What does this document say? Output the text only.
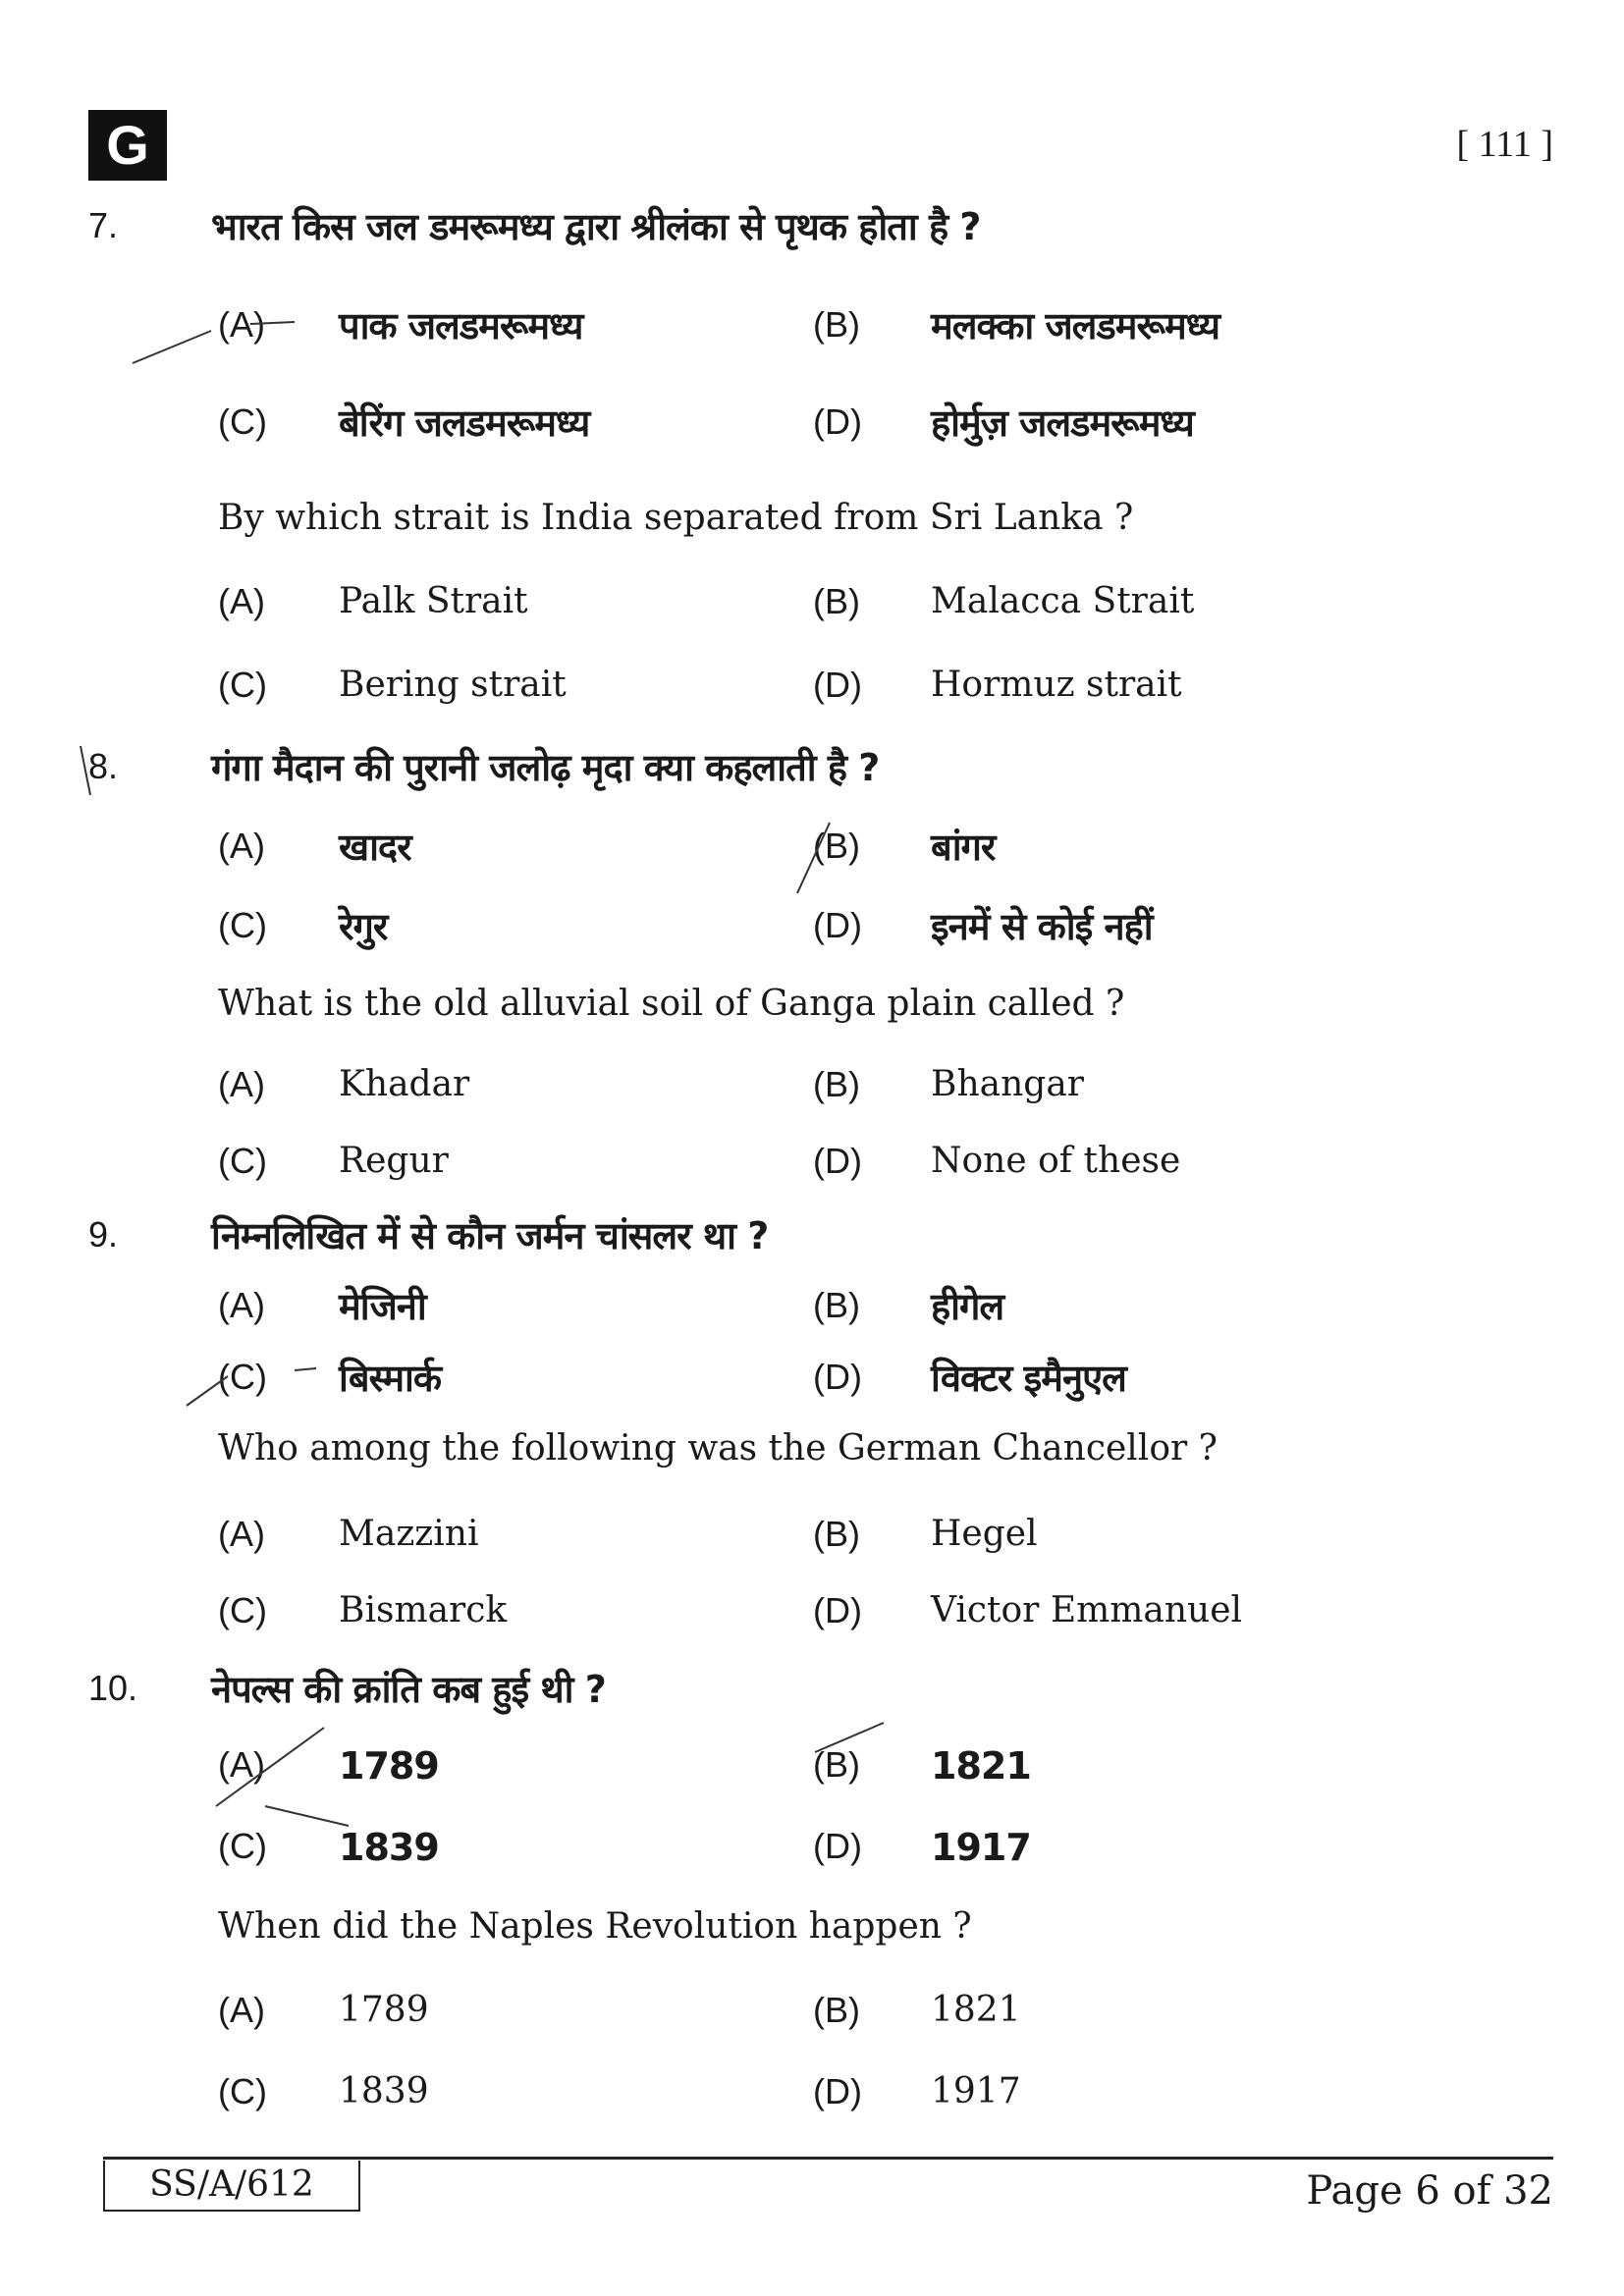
G	[ 111 ]
7. भारत किस जल डमरूमध्य द्वारा श्रीलंका से पृथक होता है ?
By which strait is India separated from Sri Lanka ?
(A) पाक जलडमरूमध्य	(B) मलक्का जलडमरूमध्य
(C) बेरिंग जलडमरूमध्य	(D) होर्मुज़ जलडमरूमध्य
(A) Palk Strait	(B) Malacca Strait
(C) Bering strait	(D) Hormuz strait
8. गंगा मैदान की पुरानी जलोढ़ मृदा क्या कहलाती है ?
What is the old alluvial soil of Ganga plain called ?
(A) खादर	(B) बांगर
(C) रेगुर	(D) इनमें से कोई नहीं
(A) Khadar	(B) Bhangar
(C) Regur	(D) None of these
9. निम्नलिखित में से कौन जर्मन चांसलर था ?
Who among the following was the German Chancellor ?
(A) मेजिनी	(B) हीगेल
(C) बिस्मार्क	(D) विक्टर इमैनुएल
(A) Mazzini	(B) Hegel
(C) Bismarck	(D) Victor Emmanuel
10. नेपल्स की क्रांति कब हुई थी ?
When did the Naples Revolution happen ?
(A) 1789	(B) 1821
(C) 1839	(D) 1917
(A) 1789	(B) 1821
(C) 1839	(D) 1917
SS/A/612	Page 6 of 32
